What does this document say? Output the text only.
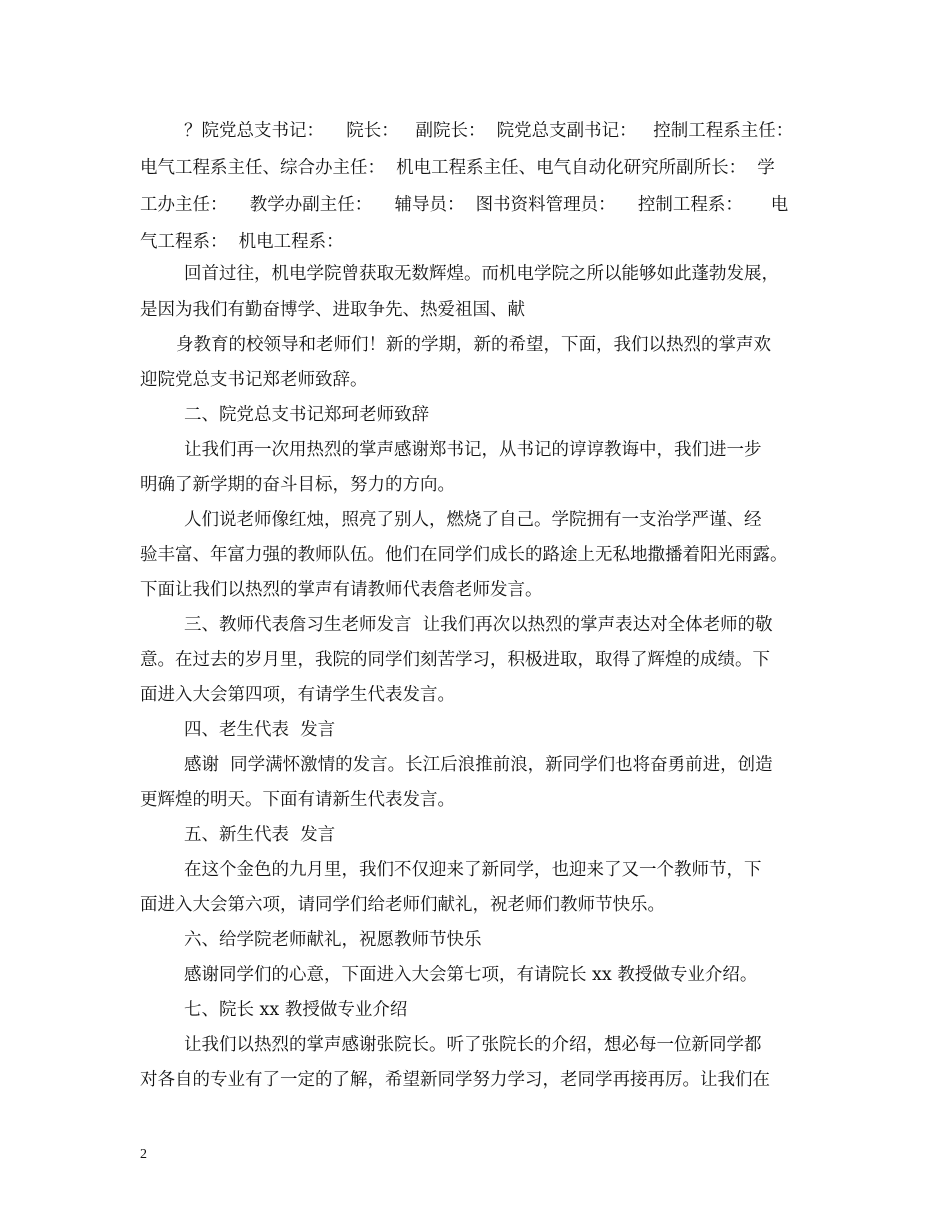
？院党总支书记：    院长：   副院长：  院党总支副书记：   控制工程系主任：
电气工程系主任、综合办主任：  机电工程系主任、电气自动化研究所副所长：  学
工办主任：    教学办副主任：    辅导员：  图书资料管理员：    控制工程系：     电
气工程系：  机电工程系：
回首过往，机电学院曾获取无数辉煌。而机电学院之所以能够如此蓬勃发展，
是因为我们有勤奋博学、进取争先、热爱祖国、献
身教育的校领导和老师们！新的学期，新的希望，下面，我们以热烈的掌声欢
迎院党总支书记郑老师致辞。
二、院党总支书记郑珂老师致辞
让我们再一次用热烈的掌声感谢郑书记，从书记的谆谆教诲中，我们进一步
明确了新学期的奋斗目标，努力的方向。
人们说老师像红烛，照亮了别人，燃烧了自己。学院拥有一支治学严谨、经
验丰富、年富力强的教师队伍。他们在同学们成长的路途上无私地撒播着阳光雨露。
下面让我们以热烈的掌声有请教师代表詹老师发言。
三、教师代表詹习生老师发言  让我们再次以热烈的掌声表达对全体老师的敬
意。在过去的岁月里，我院的同学们刻苦学习，积极进取，取得了辉煌的成绩。下
面进入大会第四项，有请学生代表发言。
四、老生代表  发言
感谢  同学满怀激情的发言。长江后浪推前浪，新同学们也将奋勇前进，创造
更辉煌的明天。下面有请新生代表发言。
五、新生代表  发言
在这个金色的九月里，我们不仅迎来了新同学，也迎来了又一个教师节，下
面进入大会第六项，请同学们给老师们献礼，祝老师们教师节快乐。
六、给学院老师献礼，祝愿教师节快乐
感谢同学们的心意，下面进入大会第七项，有请院长 xx 教授做专业介绍。
七、院长 xx 教授做专业介绍
让我们以热烈的掌声感谢张院长。听了张院长的介绍，想必每一位新同学都
对各自的专业有了一定的了解，希望新同学努力学习，老同学再接再厉。让我们在
2
